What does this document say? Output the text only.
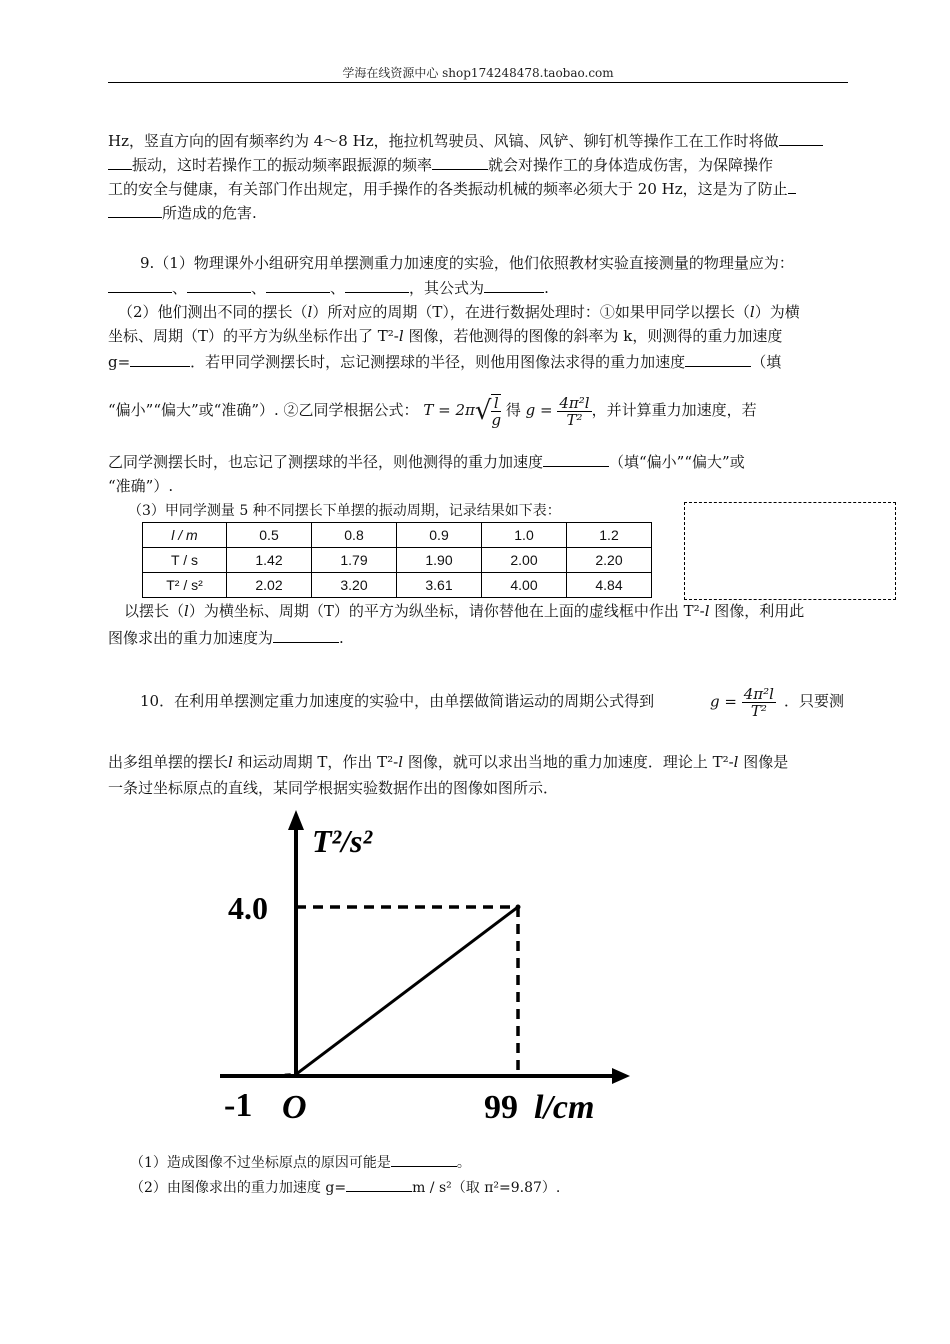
学海在线资源中心 shop174248478.taobao.com
Hz，竖直方向的固有频率约为 4～8 Hz，拖拉机驾驶员、风镐、风铲、铆钉机等操作工在工作时将做
振动，这时若操作工的振动频率跟振源的频率	就会对操作工的身体造成伤害，为保障操作
工的安全与健康，有关部门作出规定，用手操作的各类振动机械的频率必须大于 20 Hz，这是为了防止
所造成的危害.
9.（1）物理课外小组研究用单摆测重力加速度的实验，他们依照教材实验直接测量的物理量应为：
、	、	、	，其公式为	.
（2）他们测出不同的摆长（l）所对应的周期（T），在进行数据处理时：①如果甲同学以摆长（l）为横
坐标、周期（T）的平方为纵坐标作出了 T²-l 图像，若他测得的图像的斜率为 k，则测得的重力加速度
g=	．若甲同学测摆长时，忘记测摆球的半径，则他用图像法求得的重力加速度	（填
“偏小”“偏大”或“准确”）. ②乙同学根据公式： $T = 2\pi√ \frac{l}{g}$ 得 $g = \frac{\text{4π²l}}{\text{T²}}$ ，并计算重力加速度，若
乙同学测摆长时，也忘记了测摆球的半径，则他测得的重力加速度	（填“偏小”“偏大”或
“准确”）.
（3）甲同学测量 5 种不同摆长下单摆的振动周期，记录结果如下表：
l / m	0.5	0.8	0.9	1.0	1.2
T / s	1.42	1.79	1.90	2.00	2.20
T² / s²	2.02	3.20	3.61	4.00	4.84
以摆长（l）为横坐标、周期（T）的平方为纵坐标，请你替他在上面的虚线框中作出 T²-l 图像，利用此
图像求出的重力加速度为	.
10．在利用单摆测定重力加速度的实验中，由单摆做简谐运动的周期公式得到	$g = \frac{\text{4π²l}}{\text{T²}}$ ．只要测
出多组单摆的摆长l 和运动周期 T，作出 T²-l 图像，就可以求出当地的重力加速度．理论上 T²-l 图像是
一条过坐标原点的直线，某同学根据实验数据作出的图像如图所示．
T²/s²
4.0
-1 O	99 l/cm
（1）造成图像不过坐标原点的原因可能是	。
（2）由图像求出的重力加速度 g=	m / s²（取 π²=9.87）.
